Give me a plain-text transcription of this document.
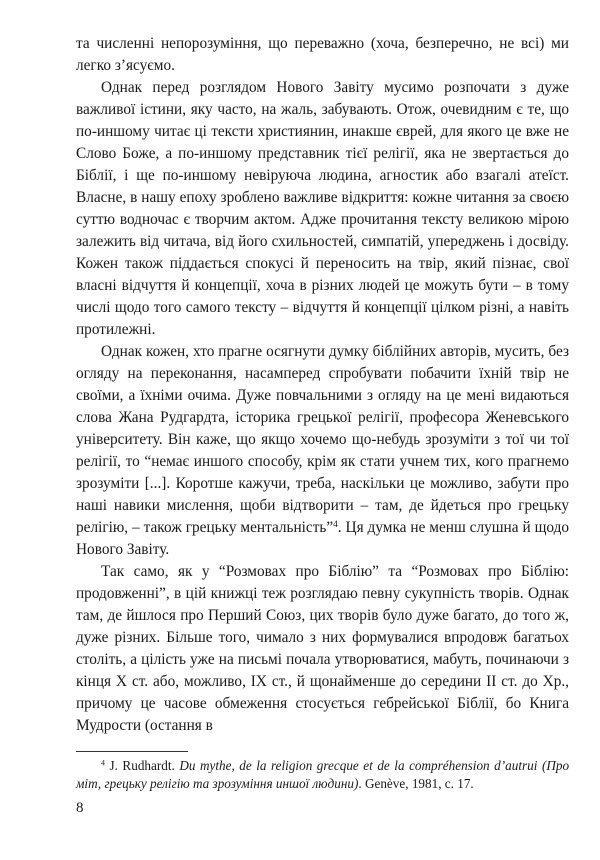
та численні непорозуміння, що переважно (хоча, безперечно, не всі) ми легко з’ясуємо.

Однак перед розглядом Нового Завіту мусимо розпочати з дуже важливої істини, яку часто, на жаль, забувають. Отож, очевидним є те, що по-иншому читає ці тексти християнин, инакше єврей, для якого це вже не Слово Боже, а по-иншому представник тієї релігії, яка не звертається до Біблії, і ще по-иншому невіруюча людина, агностик або взагалі атеїст. Власне, в нашу епоху зроблено важливе відкриття: кожне читання за своєю суттю водночас є творчим актом. Адже прочитання тексту великою мірою залежить від читача, від його схильностей, симпатій, упереджень і досвіду. Кожен також піддається спокусі й переносить на твір, який пізнає, свої власні відчуття й концепції, хоча в різних людей це можуть бути – в тому числі щодо того самого тексту – відчуття й концепції цілком різні, а навіть протилежні.

Однак кожен, хто прагне осягнути думку біблійних авторів, мусить, без огляду на переконання, насамперед спробувати побачити їхній твір не своїми, а їхніми очима. Дуже повчальними з огляду на це мені видаються слова Жана Рудгардта, історика грецької релігії, професора Женевського університету. Він каже, що якщо хочемо що-небудь зрозуміти з тої чи тої релігії, то “немає иншого способу, крім як стати учнем тих, кого прагнемо зрозуміти [...]. Коротше кажучи, треба, наскільки це можливо, забути про наші навики мислення, щоби відтворити – там, де йдеться про грецьку релігію, – також грецьку ментальність”$^4$. Ця думка не менш слушна й щодо Нового Завіту.

Так само, як у “Розмовах про Біблію” та “Розмовах про Біблію: продовженні”, в цій книжці теж розглядаю певну сукупність творів. Однак там, де йшлося про Перший Союз, цих творів було дуже багато, до того ж, дуже різних. Більше того, чимало з них формувалися впродовж багатьох століть, а цілість уже на письмі почала утворюватися, мабуть, починаючи з кінця X ст. або, можливо, IX ст., й щонайменше до середини II ст. до Хр., причому це часове обмеження стосується гебрейської Біблії, бо Книга Мудрости (остання в

$^4$ J. Rudhardt. Du mythe, de la religion grecque et de la compréhension d’autrui (Про міт, грецьку релігію та зрозуміння иншої людини). Genève, 1981, c. 17.

8
